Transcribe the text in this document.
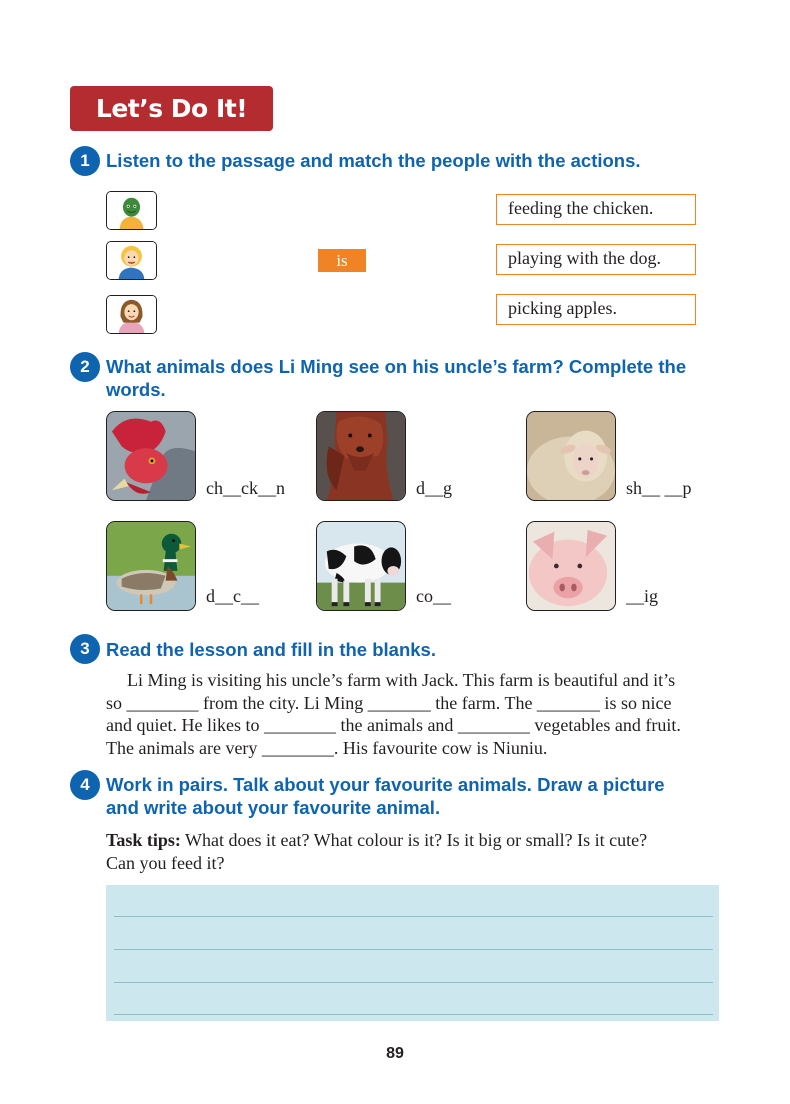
Let’s Do It!
1 Listen to the passage and match the people with the actions.
is
feeding the chicken.
playing with the dog.
picking apples.
2 What animals does Li Ming see on his uncle’s farm? Complete the
words.
ch__ck__n	d__g	sh__ __p
d__c__	co__	__ig
3 Read the lesson and fill in the blanks.
Li Ming is visiting his uncle’s farm with Jack. This farm is beautiful and it’s
so ________ from the city. Li Ming _______ the farm. The _______ is so nice
and quiet. He likes to ________ the animals and ________ vegetables and fruit.
The animals are very ________. His favourite cow is Niuniu.
4 Work in pairs. Talk about your favourite animals. Draw a picture
and write about your favourite animal.
Task tips: What does it eat? What colour is it? Is it big or small? Is it cute?
Can you feed it?
89
